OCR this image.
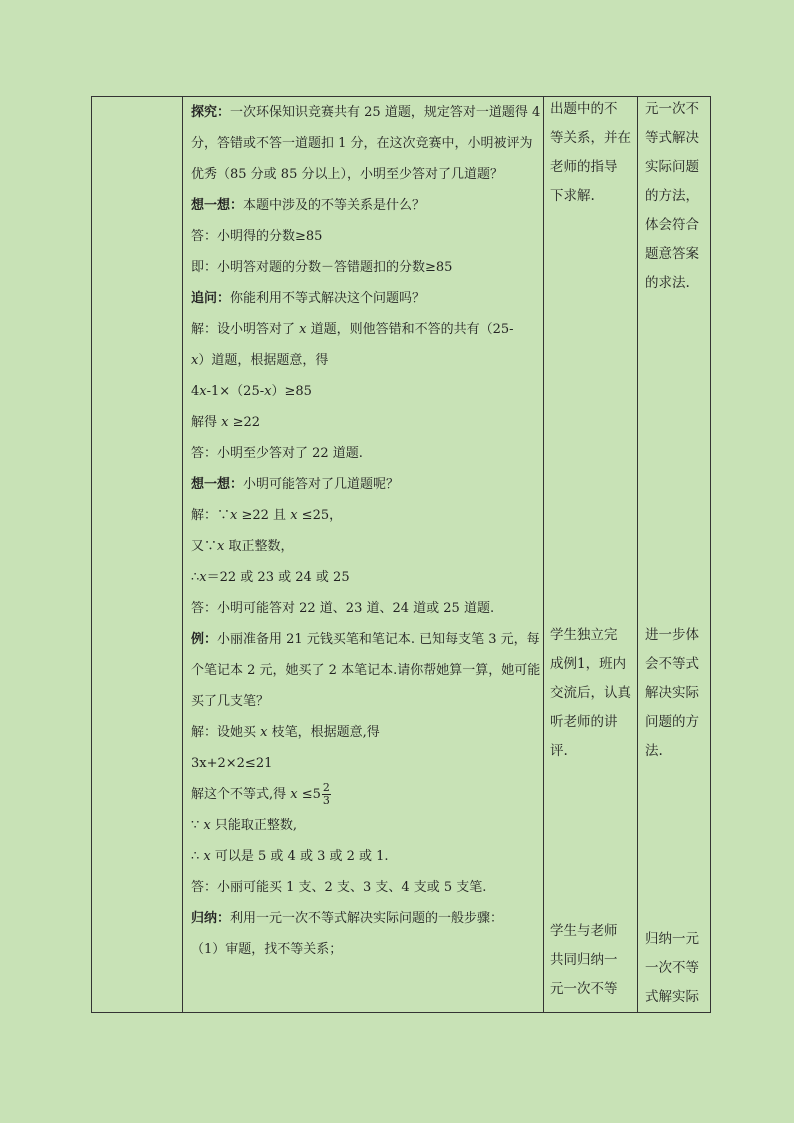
探究：一次环保知识竞赛共有 25 道题，规定答对一道题得 4 分，答错或不答一道题扣 1 分，在这次竞赛中，小明被评为优秀（85 分或 85 分以上），小明至少答对了几道题？

想一想：本题中涉及的不等关系是什么？

答：小明得的分数≥85

即：小明答对题的分数－答错题扣的分数≥85

追问：你能利用不等式解决这个问题吗？

解：设小明答对了 x 道题，则他答错和不答的共有（25-
x）道题，根据题意，得

4x-1×（25-x）≥85

解得 x ≥22

答：小明至少答对了 22 道题.

想一想：小明可能答对了几道题呢？

解：∵x ≥22 且 x ≤25，

又∵x 取正整数，

∴x＝22 或 23 或 24 或 25

答：小明可能答对 22 道、23 道、24 道或 25 道题.

例：小丽准备用 21 元钱买笔和笔记本. 已知每支笔 3 元，每个笔记本 2 元，她买了 2 本笔记本.请你帮她算一算，她可能买了几支笔？

解：设她买 x 枝笔，根据题意,得

3x+2×2≤21

解这个不等式,得 $x \le 5 \frac{2}{3}$

∵ x 只能取正整数,

∴ x 可以是 5 或 4 或 3 或 2 或 1.

答：小丽可能买 1 支、2 支、3 支、4 支或 5 支笔.

归纳：利用一元一次不等式解决实际问题的一般步骤：

（1）审题，找不等关系；

出题中的不

等关系，并在

老师的指导

下求解.

学生独立完

成例1，班内

交流后，认真

听老师的讲

评.

学生与老师

共同归纳一

元一次不等

元一次不

等式解决

实际问题

的方法，

体会符合

题意答案

的求法.

进一步体

会不等式

解决实际

问题的方

法.

归纳一元

一次不等

式解实际
